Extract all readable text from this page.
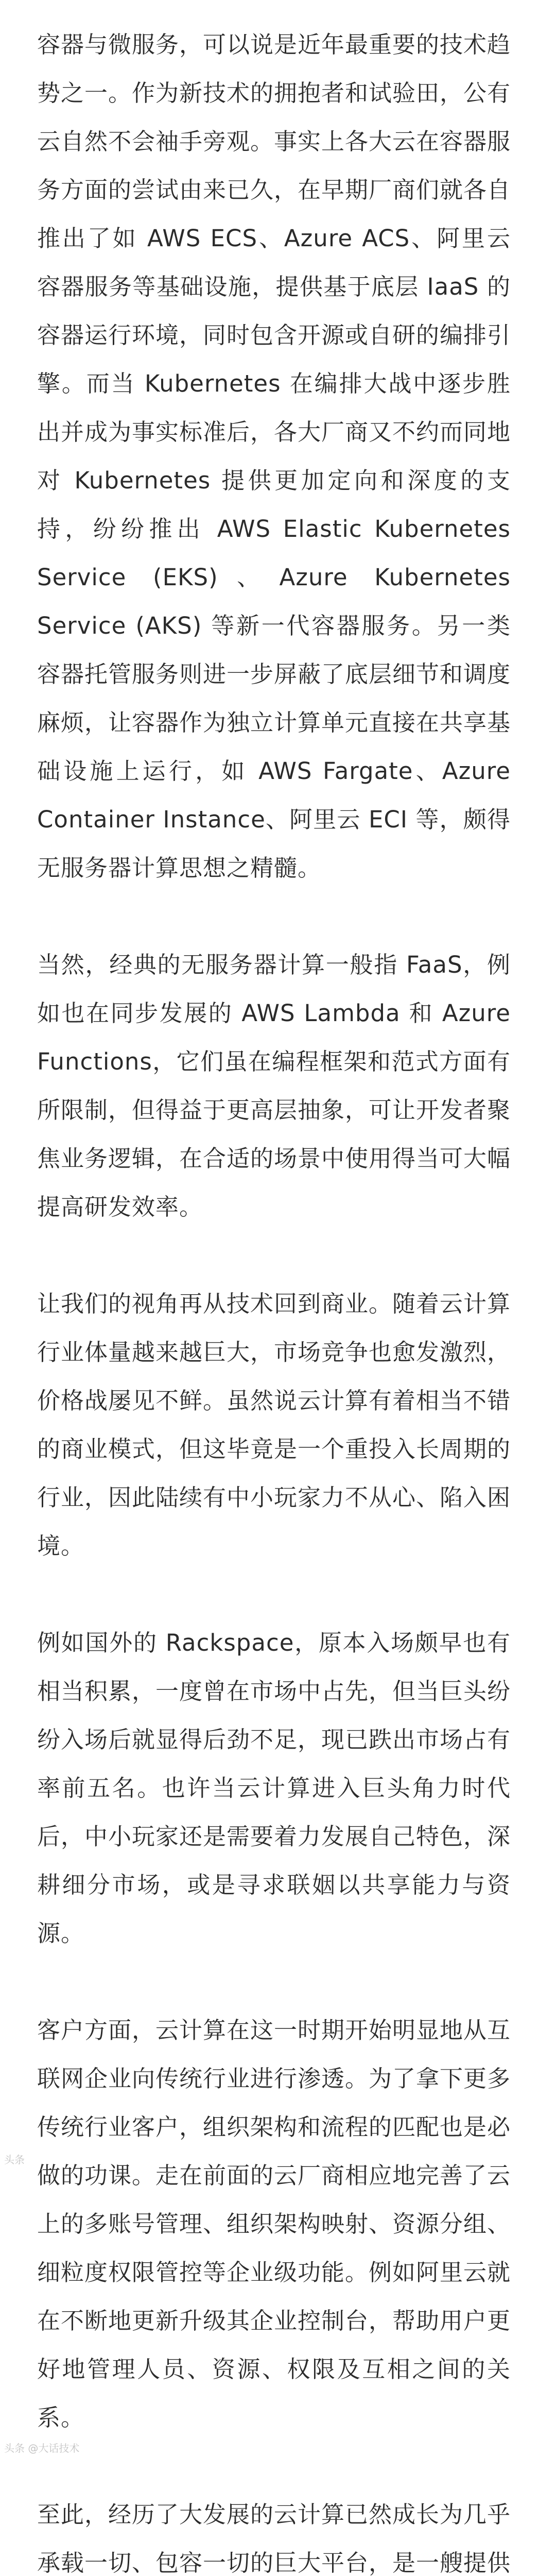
容器与微服务，可以说是近年最重要的技术趋势之一。作为新技术的拥抱者和试验田，公有云自然不会袖手旁观。事实上各大云在容器服务方面的尝试由来已久，在早期厂商们就各自推出了如 AWS ECS、Azure ACS、阿里云容器服务等基础设施，提供基于底层 IaaS 的容器运行环境，同时包含开源或自研的编排引擎。而当 Kubernetes 在编排大战中逐步胜出并成为事实标准后，各大厂商又不约而同地对 Kubernetes 提供更加定向和深度的支持，纷纷推出 AWS Elastic Kubernetes Service (EKS)、Azure Kubernetes Service (AKS) 等新一代容器服务。另一类容器托管服务则进一步屏蔽了底层细节和调度麻烦，让容器作为独立计算单元直接在共享基础设施上运行，如 AWS Fargate、Azure Container Instance、阿里云 ECI 等，颇得无服务器计算思想之精髓。

当然，经典的无服务器计算一般指 FaaS，例如也在同步发展的 AWS Lambda 和 Azure Functions，它们虽在编程框架和范式方面有所限制，但得益于更高层抽象，可让开发者聚焦业务逻辑，在合适的场景中使用得当可大幅提高研发效率。

让我们的视角再从技术回到商业。随着云计算行业体量越来越巨大，市场竞争也愈发激烈，价格战屡见不鲜。虽然说云计算有着相当不错的商业模式，但这毕竟是一个重投入长周期的行业，因此陆续有中小玩家力不从心、陷入困境。

例如国外的 Rackspace，原本入场颇早也有相当积累，一度曾在市场中占先，但当巨头纷纷入场后就显得后劲不足，现已跌出市场占有率前五名。也许当云计算进入巨头角力时代后，中小玩家还是需要着力发展自己特色，深耕细分市场，或是寻求联姻以共享能力与资源。

客户方面，云计算在这一时期开始明显地从互联网企业向传统行业进行渗透。为了拿下更多传统行业客户，组织架构和流程的匹配也是必做的功课。走在前面的云厂商相应地完善了云上的多账号管理、组织架构映射、资源分组、细粒度权限管控等企业级功能。例如阿里云就在不断地更新升级其企业控制台，帮助用户更好地管理人员、资源、权限及互相之间的关系。

至此，经历了大发展的云计算已然成长为几乎承载一切、包容一切的巨大平台，是一艘提供

头条
头条 @大话技术
